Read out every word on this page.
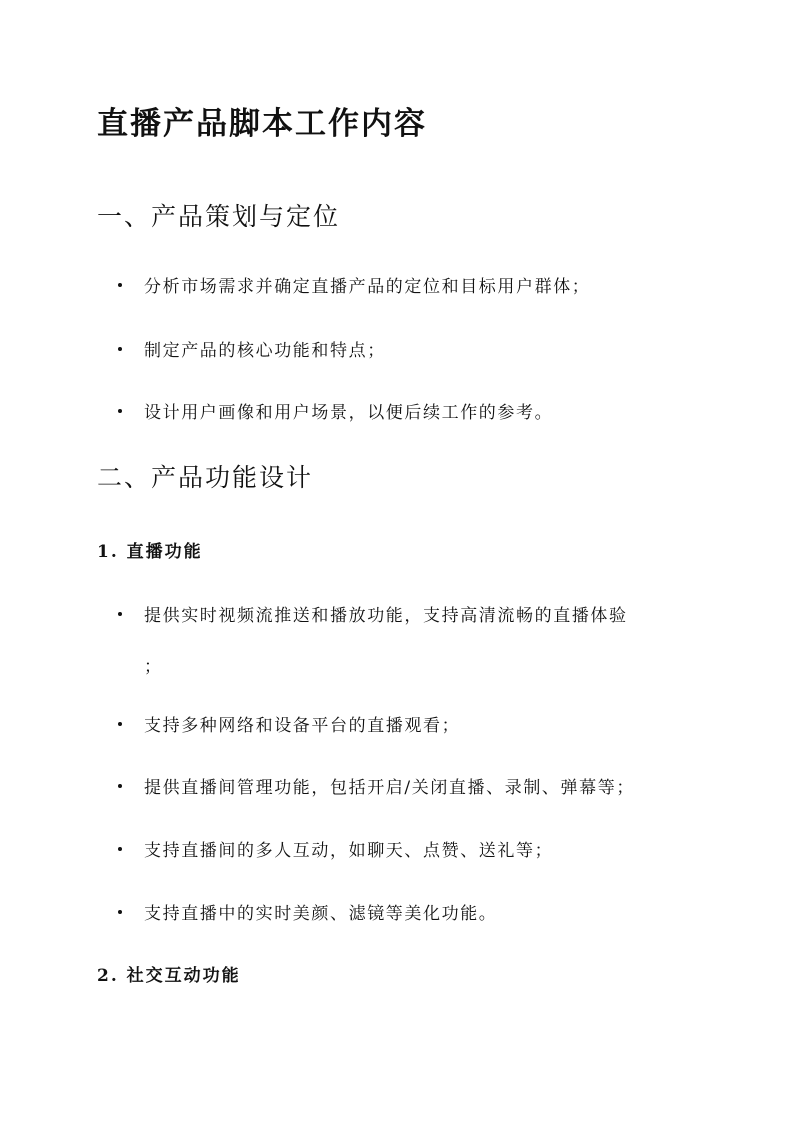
直播产品脚本工作内容
一、产品策划与定位
分析市场需求并确定直播产品的定位和目标用户群体；
制定产品的核心功能和特点；
设计用户画像和用户场景，以便后续工作的参考。
二、产品功能设计
1. 直播功能
提供实时视频流推送和播放功能，支持高清流畅的直播体验
；
支持多种网络和设备平台的直播观看；
提供直播间管理功能，包括开启/关闭直播、录制、弹幕等；
支持直播间的多人互动，如聊天、点赞、送礼等；
支持直播中的实时美颜、滤镜等美化功能。
2. 社交互动功能
